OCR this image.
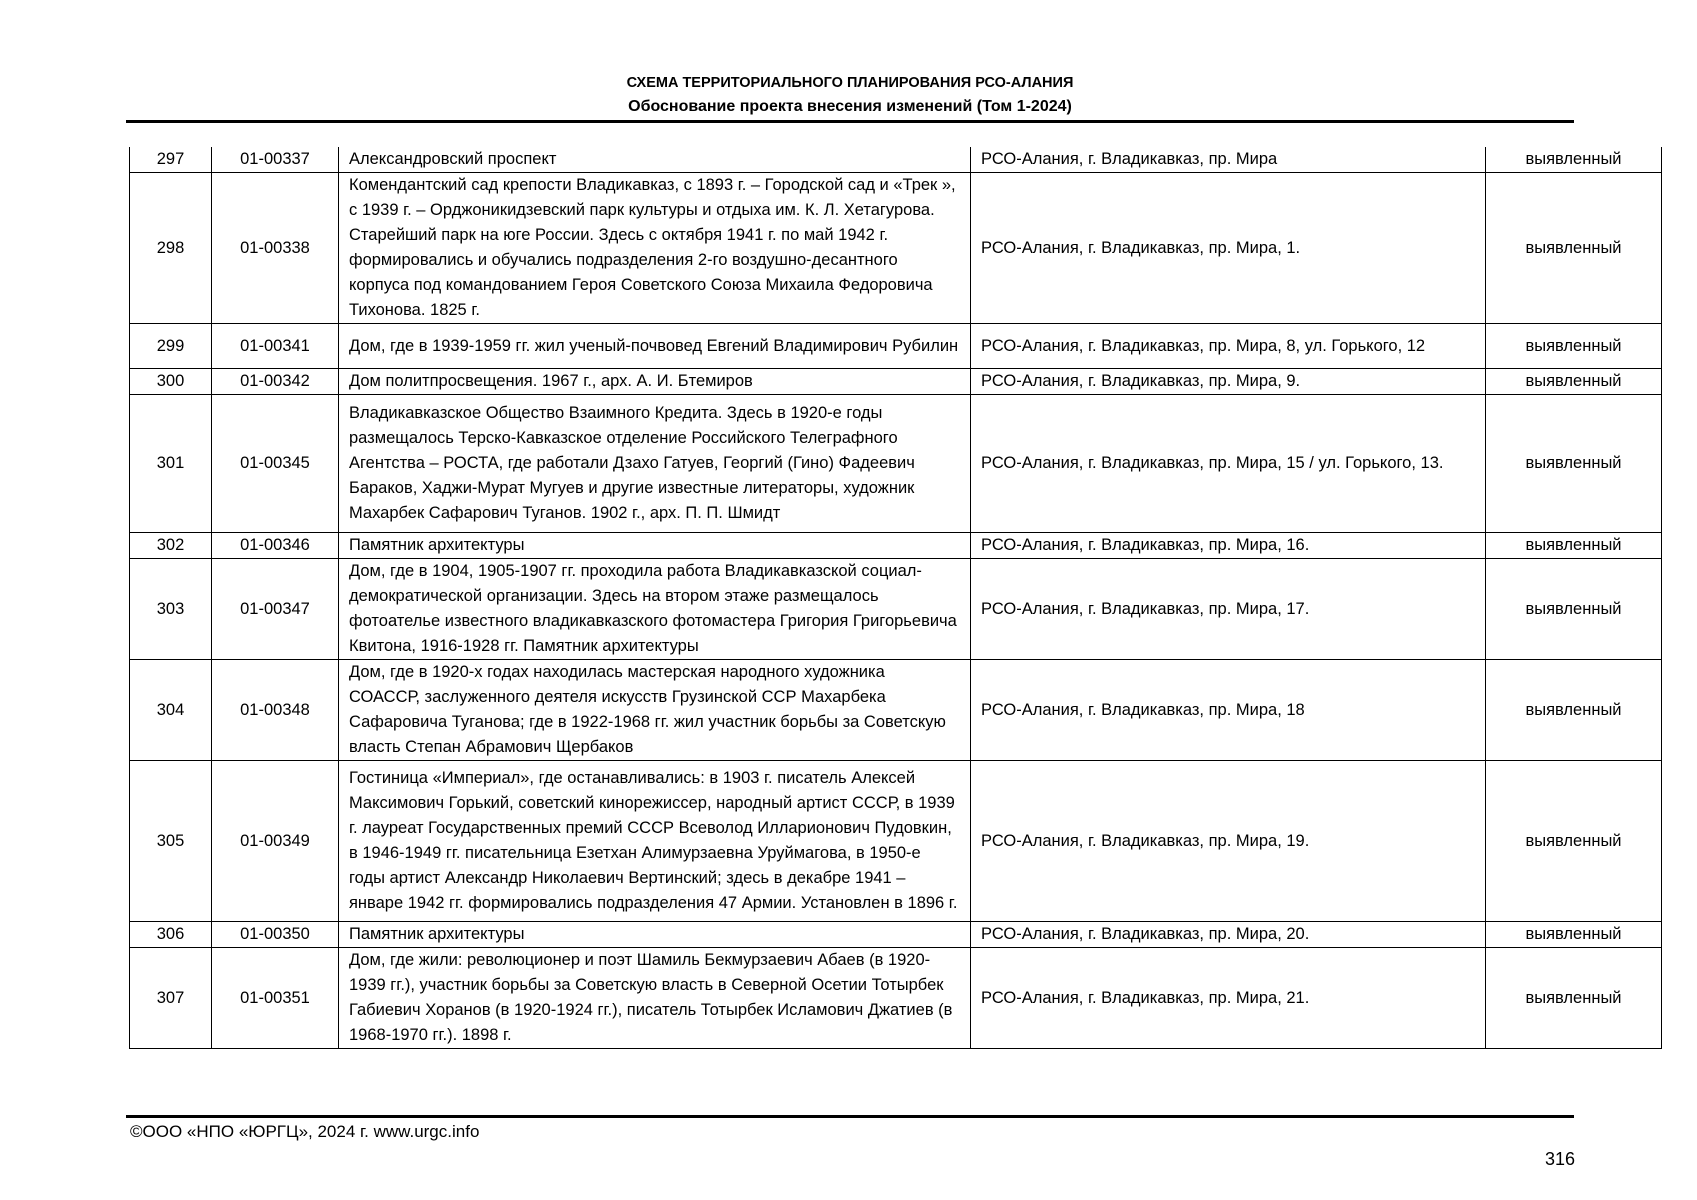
СХЕМА ТЕРРИТОРИАЛЬНОГО ПЛАНИРОВАНИЯ РСО-АЛАНИЯ
Обоснование проекта внесения изменений (Том 1-2024)
297	01-00337	Александровский проспект	РСО-Алания, г. Владикавказ, пр. Мира	выявленный
298	01-00338	Комендантский сад крепости Владикавказ, с 1893 г. – Городской сад и «Трек », с 1939 г. – Орджоникидзевский парк культуры и отдыха им. К. Л. Хетагурова. Старейший парк на юге России. Здесь с октября 1941 г. по май 1942 г. формировались и обучались подразделения 2-го воздушно-десантного корпуса под командованием Героя Советского Союза Михаила Федоровича Тихонова. 1825 г.	РСО-Алания, г. Владикавказ, пр. Мира, 1.	выявленный
299	01-00341	Дом, где в 1939-1959 гг. жил ученый-почвовед Евгений Владимирович Рубилин	РСО-Алания, г. Владикавказ, пр. Мира, 8, ул. Горького, 12	выявленный
300	01-00342	Дом политпросвещения. 1967 г., арх. А. И. Бтемиров	РСО-Алания, г. Владикавказ, пр. Мира, 9.	выявленный
301	01-00345	Владикавказское Общество Взаимного Кредита. Здесь в 1920-е годы размещалось Терско-Кавказское отделение Российского Телеграфного Агентства – РОСТА, где работали Дзахо Гатуев, Георгий (Гино) Фадеевич Бараков, Хаджи-Мурат Мугуев и другие известные литераторы, художник Махарбек Сафарович Туганов. 1902 г., арх. П. П. Шмидт	РСО-Алания, г. Владикавказ, пр. Мира, 15 / ул. Горького, 13.	выявленный
302	01-00346	Памятник архитектуры	РСО-Алания, г. Владикавказ, пр. Мира, 16.	выявленный
303	01-00347	Дом, где в 1904, 1905-1907 гг. проходила работа Владикавказской социал-демократической организации. Здесь на втором этаже размещалось фотоателье известного владикавказского фотомастера Григория Григорьевича Квитона, 1916-1928 гг. Памятник архитектуры	РСО-Алания, г. Владикавказ, пр. Мира, 17.	выявленный
304	01-00348	Дом, где в 1920-х годах находилась мастерская народного художника СОАССР, заслуженного деятеля искусств Грузинской ССР Махарбека Сафаровича Туганова; где в 1922-1968 гг. жил участник борьбы за Советскую власть Степан Абрамович Щербаков	РСО-Алания, г. Владикавказ, пр. Мира, 18	выявленный
305	01-00349	Гостиница «Империал», где останавливались: в 1903 г. писатель Алексей Максимович Горький, советский кинорежиссер, народный артист СССР, в 1939 г. лауреат Государственных премий СССР Всеволод Илларионович Пудовкин, в 1946-1949 гг. писательница Езетхан Алимурзаевна Уруймагова, в 1950-е годы артист Александр Николаевич Вертинский; здесь в декабре 1941 – январе 1942 гг. формировались подразделения 47 Армии. Установлен в 1896 г.	РСО-Алания, г. Владикавказ, пр. Мира, 19.	выявленный
306	01-00350	Памятник архитектуры	РСО-Алания, г. Владикавказ, пр. Мира, 20.	выявленный
307	01-00351	Дом, где жили: революционер и поэт Шамиль Бекмурзаевич Абаев (в 1920-1939 гг.), участник борьбы за Советскую власть в Северной Осетии Тотырбек Габиевич Хоранов (в 1920-1924 гг.), писатель Тотырбек Исламович Джатиев (в 1968-1970 гг.). 1898 г.	РСО-Алания, г. Владикавказ, пр. Мира, 21.	выявленный
©ООО «НПО «ЮРГЦ», 2024 г. www.urgc.info
316
